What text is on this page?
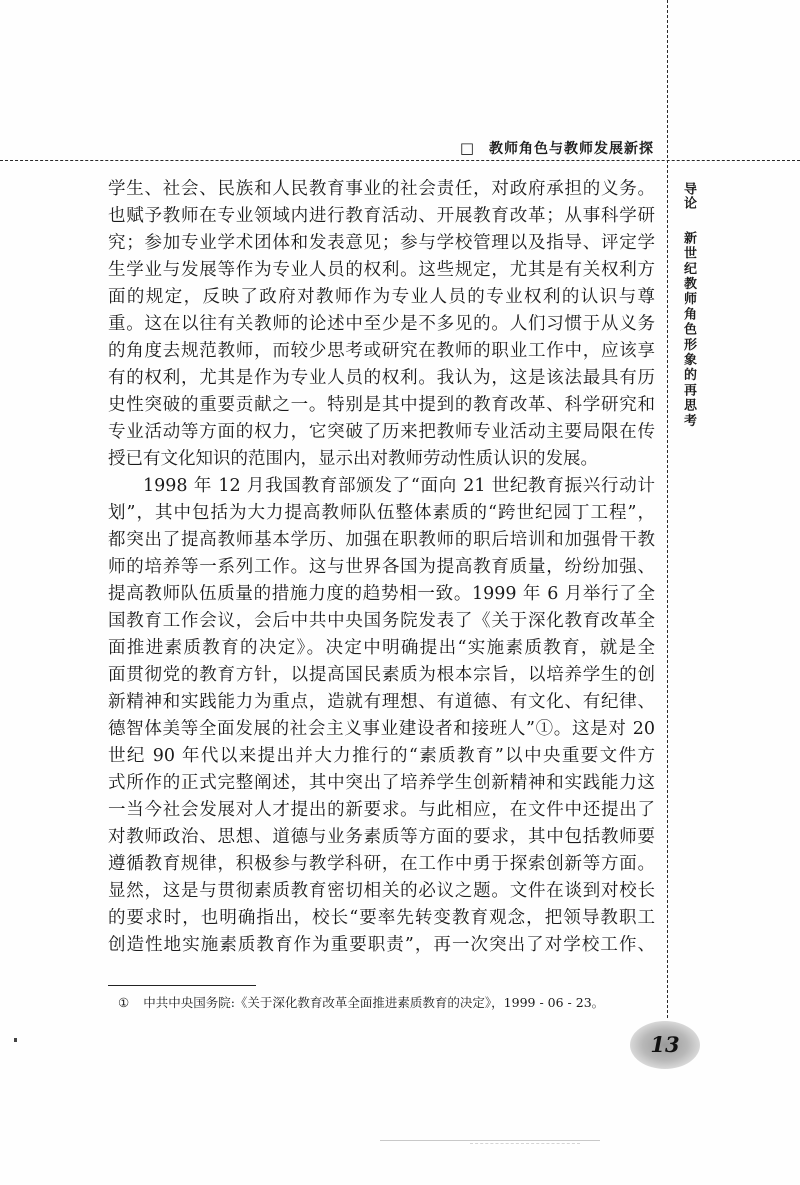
□ 教师角色与教师发展新探
导论
新世纪教师角色形象的再思考
学生、社会、民族和人民教育事业的社会责任，对政府承担的义务。
也赋予教师在专业领域内进行教育活动、开展教育改革；从事科学研
究；参加专业学术团体和发表意见；参与学校管理以及指导、评定学
生学业与发展等作为专业人员的权利。这些规定，尤其是有关权利方
面的规定，反映了政府对教师作为专业人员的专业权利的认识与尊
重。这在以往有关教师的论述中至少是不多见的。人们习惯于从义务
的角度去规范教师，而较少思考或研究在教师的职业工作中，应该享
有的权利，尤其是作为专业人员的权利。我认为，这是该法最具有历
史性突破的重要贡献之一。特别是其中提到的教育改革、科学研究和
专业活动等方面的权力，它突破了历来把教师专业活动主要局限在传
授已有文化知识的范围内，显示出对教师劳动性质认识的发展。
1998 年 12 月我国教育部颁发了“面向 21 世纪教育振兴行动计
划”，其中包括为大力提高教师队伍整体素质的“跨世纪园丁工程”，
都突出了提高教师基本学历、加强在职教师的职后培训和加强骨干教
师的培养等一系列工作。这与世界各国为提高教育质量，纷纷加强、
提高教师队伍质量的措施力度的趋势相一致。1999 年 6 月举行了全
国教育工作会议，会后中共中央国务院发表了《关于深化教育改革全
面推进素质教育的决定》。决定中明确提出“实施素质教育，就是全
面贯彻党的教育方针，以提高国民素质为根本宗旨，以培养学生的创
新精神和实践能力为重点，造就有理想、有道德、有文化、有纪律、
德智体美等全面发展的社会主义事业建设者和接班人”①。这是对 20
世纪 90 年代以来提出并大力推行的“素质教育”以中央重要文件方
式所作的正式完整阐述，其中突出了培养学生创新精神和实践能力这
一当今社会发展对人才提出的新要求。与此相应，在文件中还提出了
对教师政治、思想、道德与业务素质等方面的要求，其中包括教师要
遵循教育规律，积极参与教学科研，在工作中勇于探索创新等方面。
显然，这是与贯彻素质教育密切相关的必议之题。文件在谈到对校长
的要求时，也明确指出，校长“要率先转变教育观念，把领导教职工
创造性地实施素质教育作为重要职责”，再一次突出了对学校工作、
① 中共中央国务院:《关于深化教育改革全面推进素质教育的决定》，1999 - 06 - 23。
13
